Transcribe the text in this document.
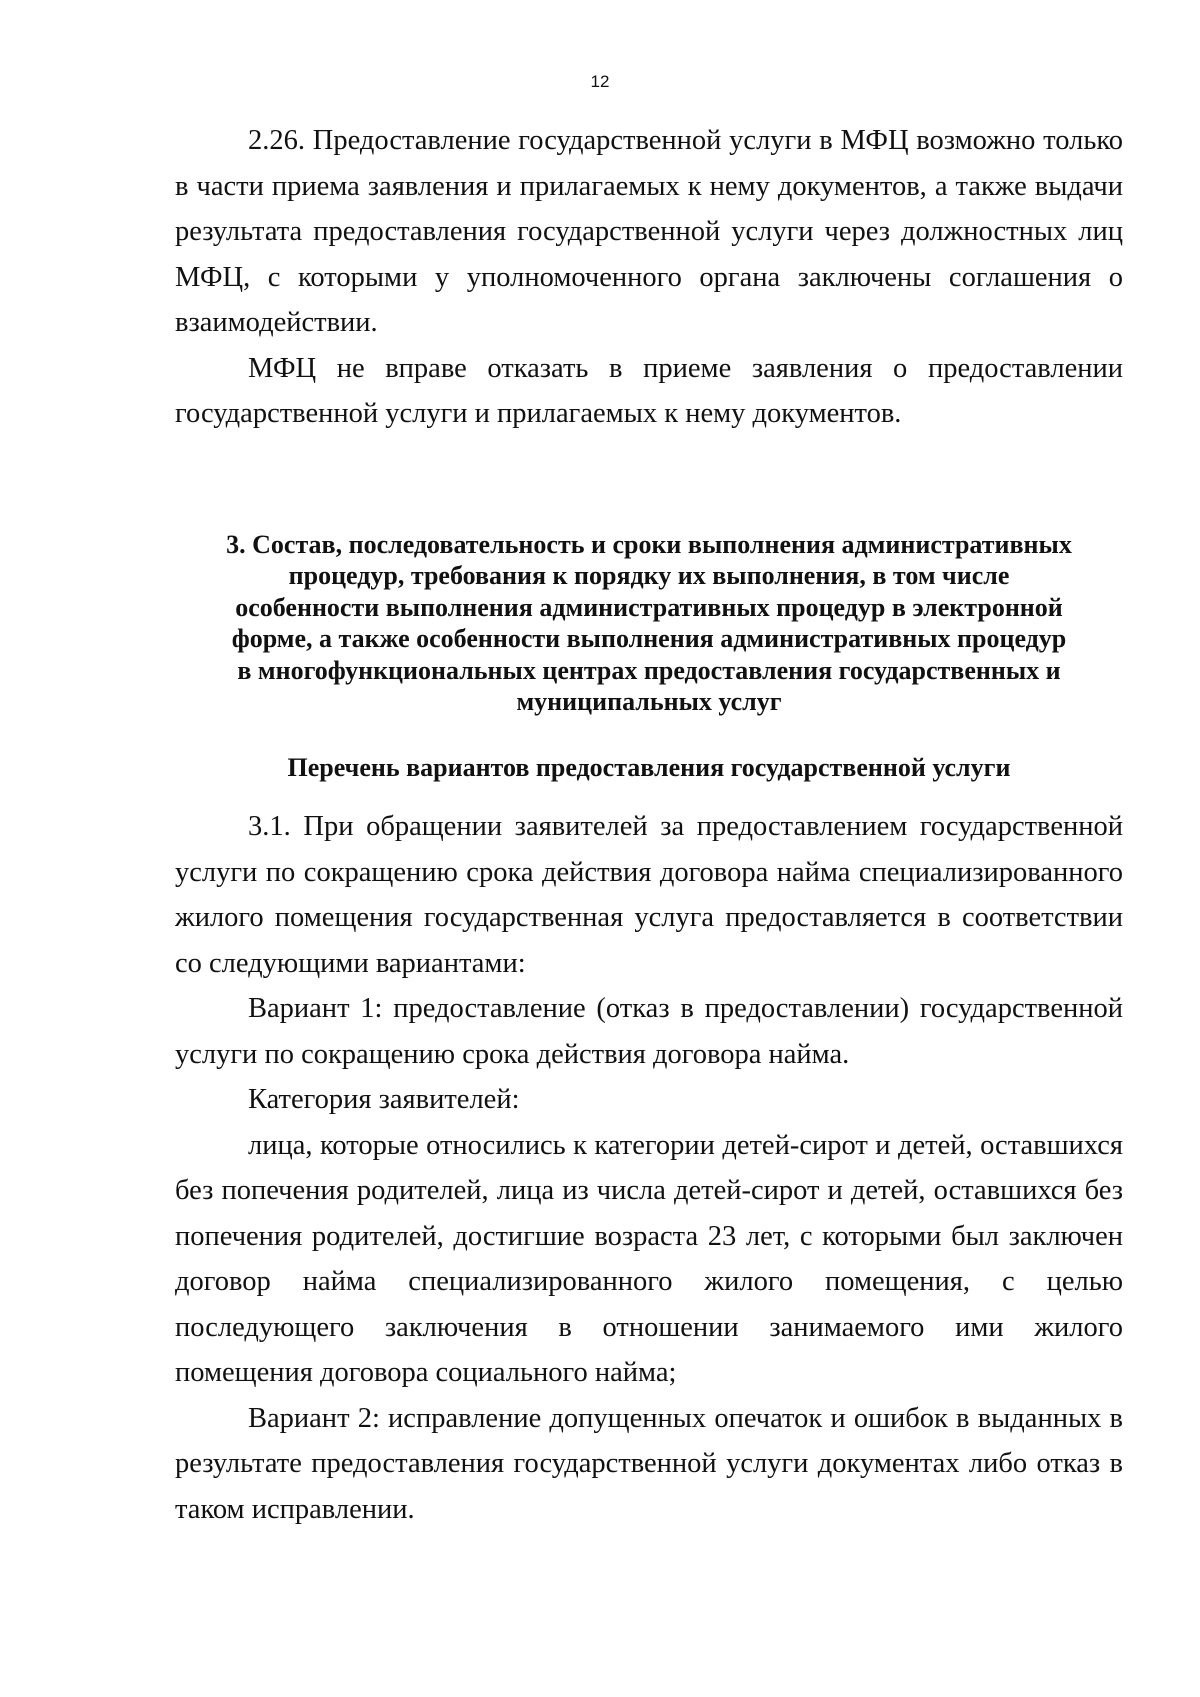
12

2.26. Предоставление государственной услуги в МФЦ возможно только в части приема заявления и прилагаемых к нему документов, а также выдачи результата предоставления государственной услуги через должностных лиц МФЦ, с которыми у уполномоченного органа заключены соглашения о взаимодействии.

МФЦ не вправе отказать в приеме заявления о предоставлении государственной услуги и прилагаемых к нему документов.

3. Состав, последовательность и сроки выполнения административных
процедур, требования к порядку их выполнения, в том числе
особенности выполнения административных процедур в электронной
форме, а также особенности выполнения административных процедур
в многофункциональных центрах предоставления государственных и
муниципальных услуг
Перечень вариантов предоставления государственной услуги

3.1. При обращении заявителей за предоставлением государственной услуги по сокращению срока действия договора найма специализированного жилого помещения государственная услуга предоставляется в соответствии со следующими вариантами:

Вариант 1: предоставление (отказ в предоставлении) государственной услуги по сокращению срока действия договора найма.

Категория заявителей:

лица, которые относились к категории детей-сирот и детей, оставшихся без попечения родителей, лица из числа детей-сирот и детей, оставшихся без попечения родителей, достигшие возраста 23 лет, с которыми был заключен договор найма специализированного жилого помещения, с целью последующего заключения в отношении занимаемого ими жилого помещения договора социального найма;

Вариант 2: исправление допущенных опечаток и ошибок в выданных в результате предоставления государственной услуги документах либо отказ в таком исправлении.
